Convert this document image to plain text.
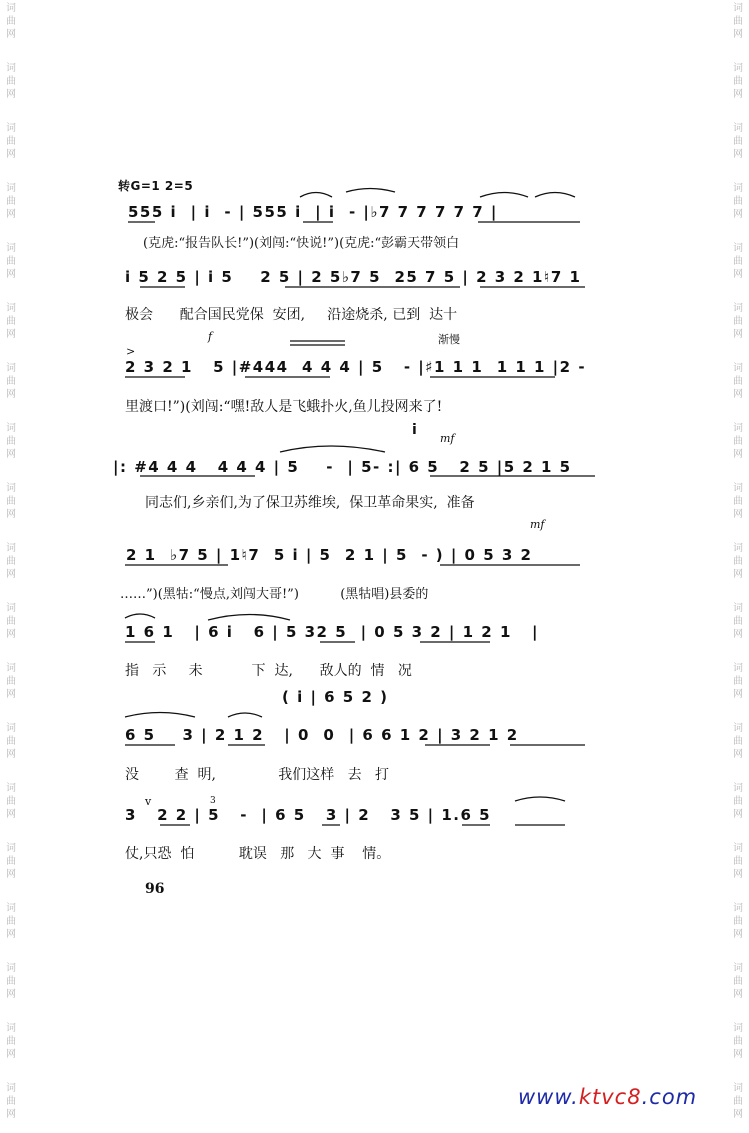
词
曲
网
词
曲
网
词
曲
网
词
曲
网
词
曲
网
词
曲
网
词
曲
网
词
曲
网
词
曲
网
词
曲
网
词
曲
网
词
曲
网
词
曲
网
词
曲
网
词
曲
网
词
曲
网
词
曲
网
词
曲
网
词
曲
网
词
曲
网
词
曲
网
词
曲
网
词
曲
网
词
曲
网
词
曲
网
词
曲
网
词
曲
网
词
曲
网
词
曲
网
词
曲
网
词
曲
网
词
曲
网
词
曲
网
词
曲
网
词
曲
网
词
曲
网
词
曲
网
词
曲
网
转G=1 2=5
555 i  | i  - | 555 i  | i  - |♭7 7 7 7 7 7 |
(克虎:“报告队长!”)(刘闯:“快说!”)(克虎:“彭霸天带领白
i 5 2 5 | i 5    2 5 | 2 5♭7 5  25 7 5 | 2 3 2 1♮7 1
极会      配合国民党保  安团,     沿途烧杀, 已到  达十
渐慢
f
>
2 3 2 1   5 |#444  4 4 4 | 5   - |♯1 1 1  1 1 1 |2 -
里渡口!”)(刘闯:“嘿!敌人是飞蛾扑火,鱼儿投网来了!
i
mf
|: #4 4 4   4 4 4 | 5    -  | 5- :| 6 5   2 5 |5 2 1 5
同志们,乡亲们,为了保卫苏维埃,  保卫革命果实,  准备
mf
2 1  ♭7 5 | 1♮7  5 i | 5  2 1 | 5  - ) | 0 5 3 2
……”)(黑牯:“慢点,刘闯大哥!”)          (黑牯唱)县委的
1 6 1   | 6 i   6 | 5 32 5  | 0 5 3 2 | 1 2 1   |
指   示     未           下  达,      敌人的  情   况
( i | 6 5 2 )
6 5    3 | 2 1 2   | 0  0  | 6 6 1 2 | 3 2 1 2
没        查  明,              我们这样   去   打
v	3
3   2 2 | 5   -  | 6 5   3 | 2   3 5 | 1.6 5
仗,只恐  怕          耽误   那   大  事    情。
96
www.ktvc8.com
